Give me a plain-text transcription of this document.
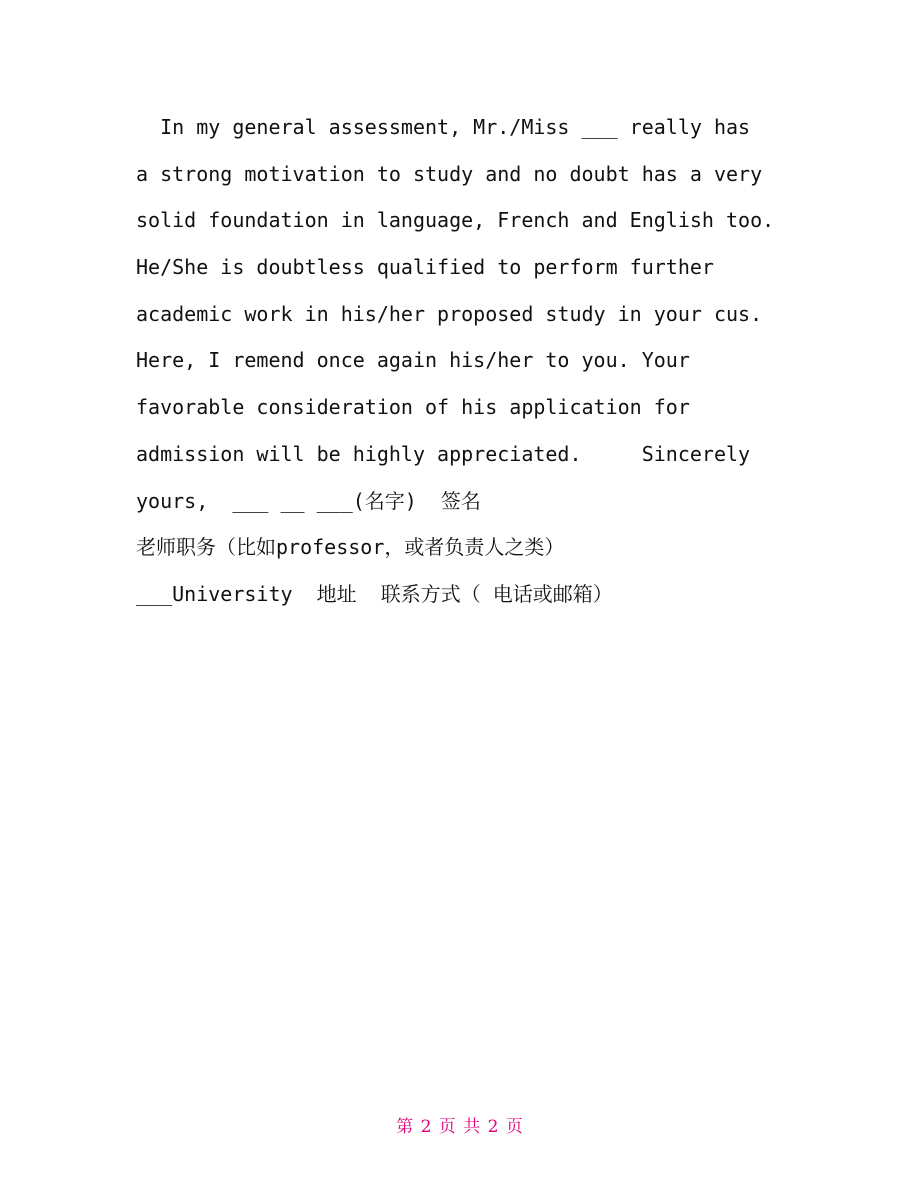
In my general assessment, Mr./Miss ___ really has
a strong motivation to study and no doubt has a very
solid foundation in language, French and English too.
He/She is doubtless qualified to perform further
academic work in his/her proposed study in your cus.
Here, I remend once again his/her to you. Your
favorable consideration of his application for
admission will be highly appreciated.     Sincerely
yours,  ___ __ ___(名字)  签名
老师职务（比如professor，或者负责人之类）
___University  地址  联系方式（ 电话或邮箱）
第 2 页 共 2 页
